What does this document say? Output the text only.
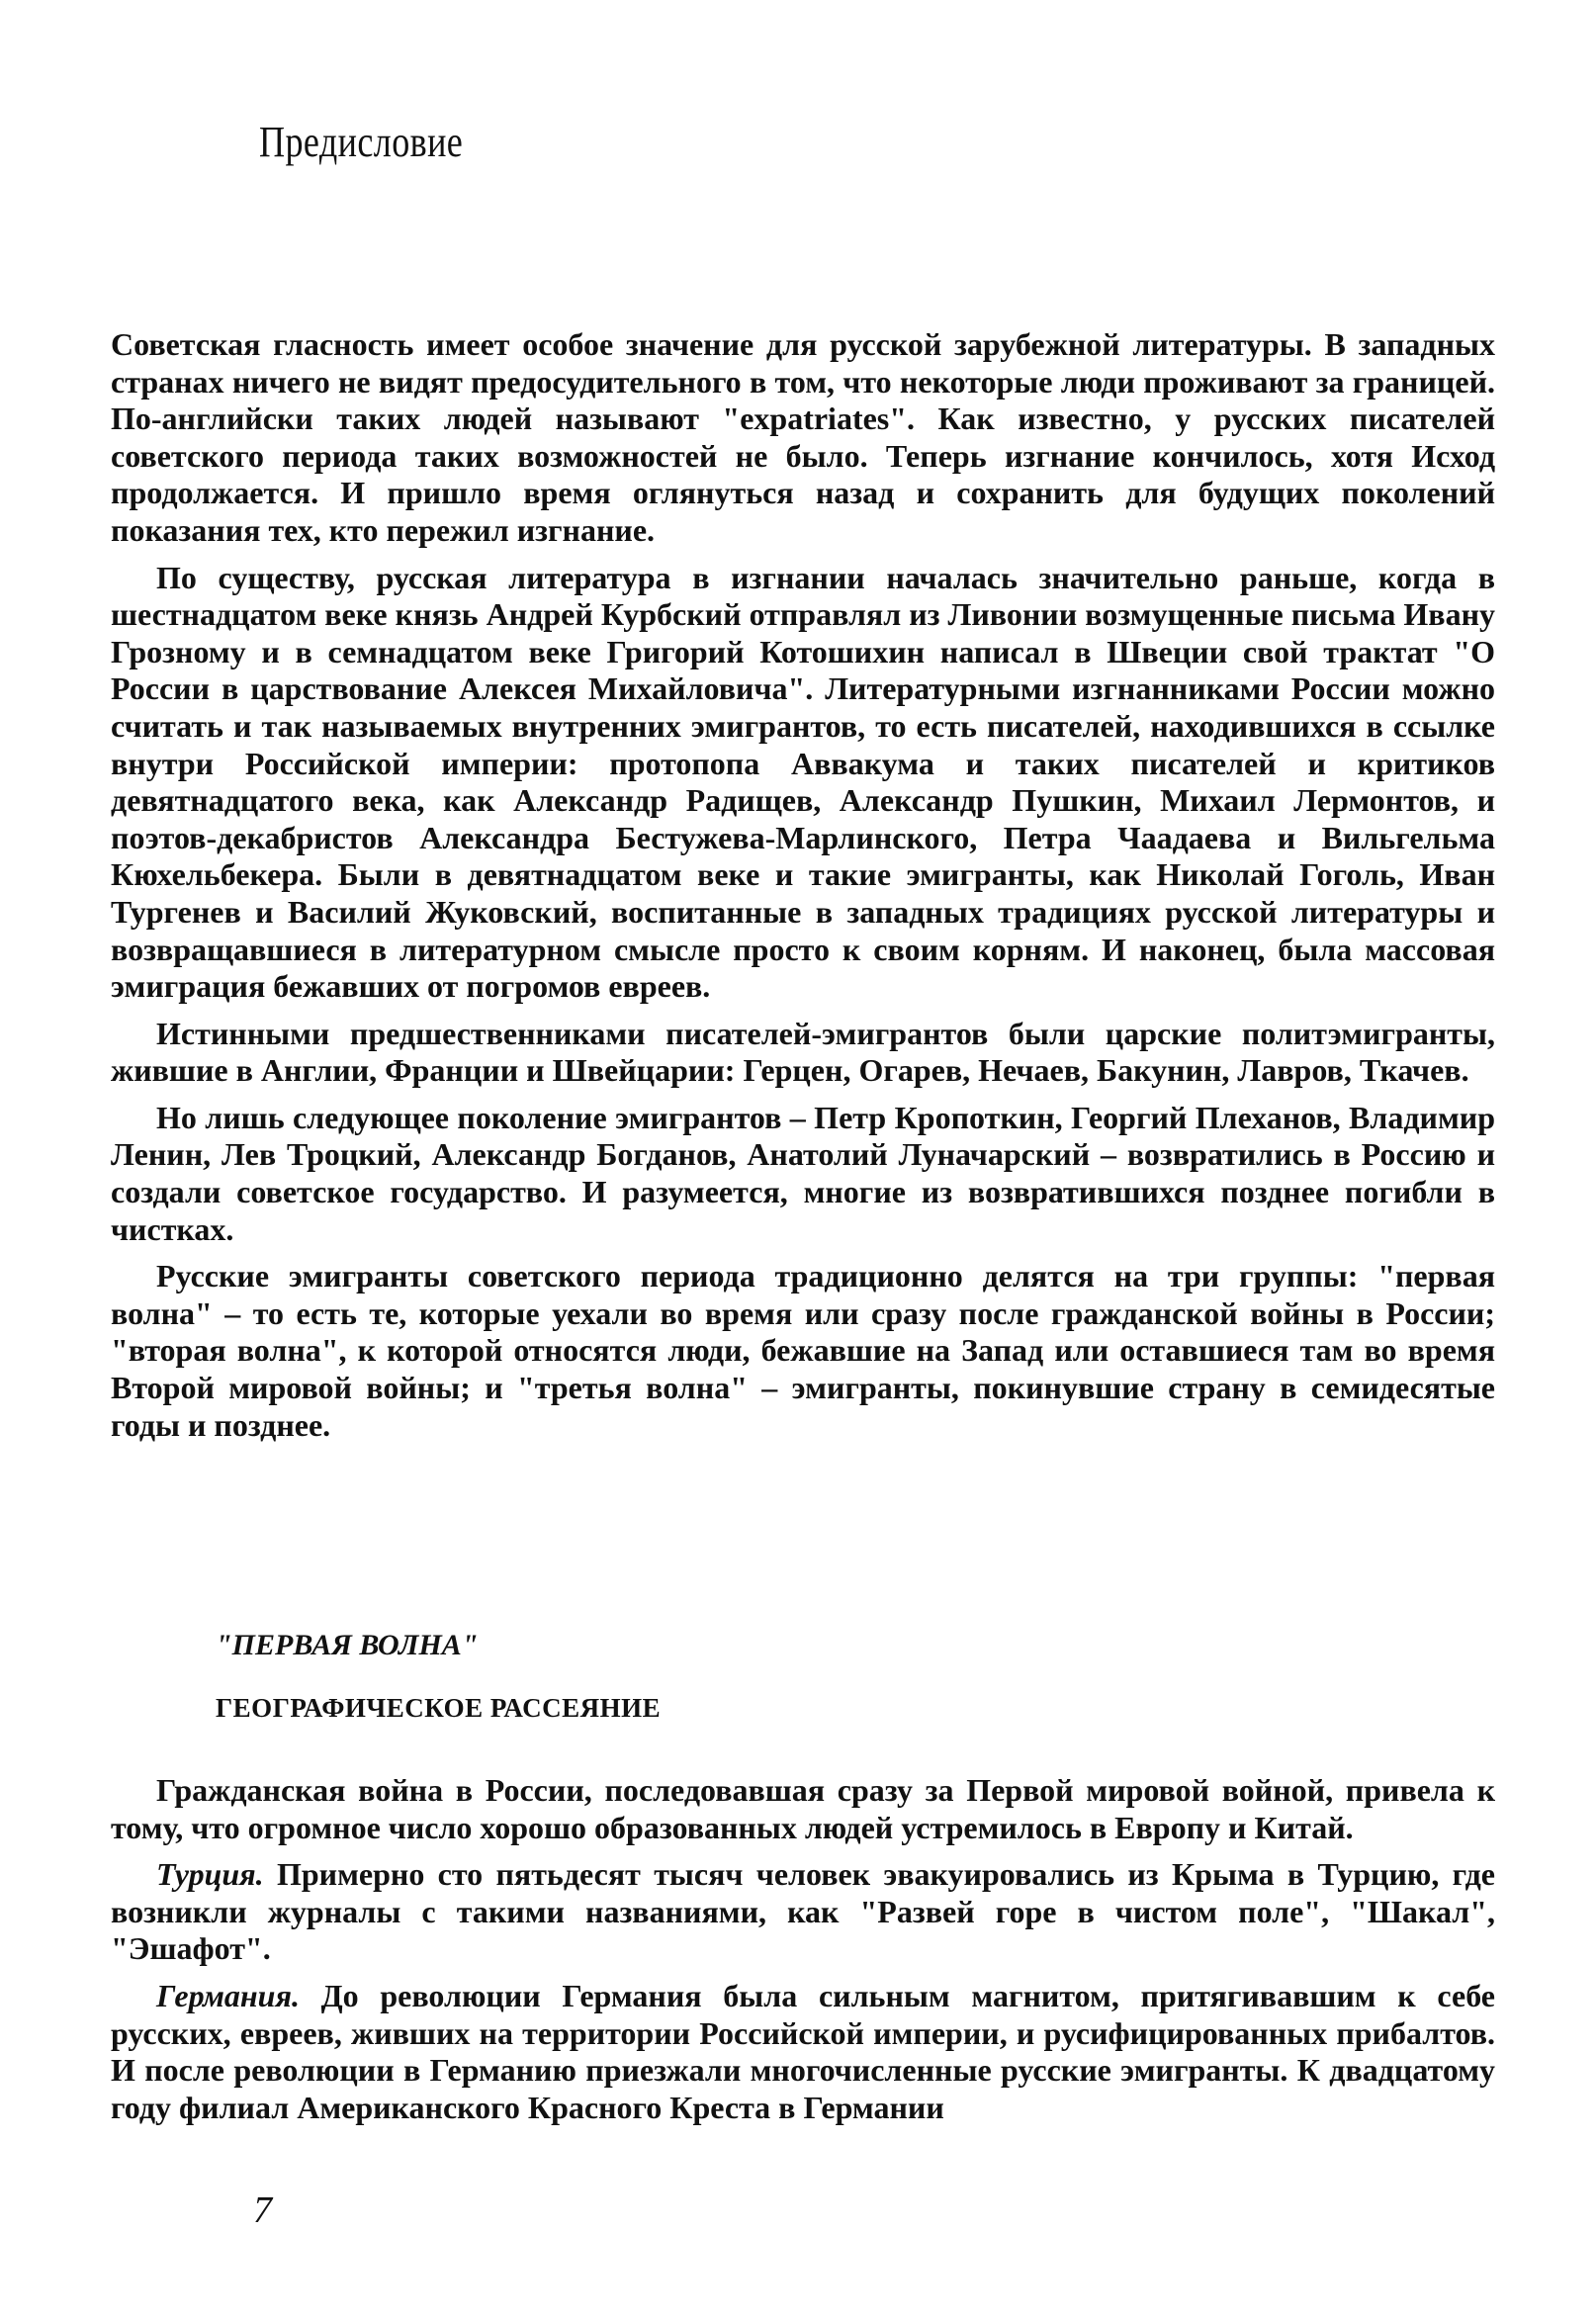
Предисловие

Советская гласность имеет особое значение для русской зарубежной литературы. В западных странах ничего не видят предосудительного в том, что некоторые люди проживают за границей. По-английски таких людей называют "expatriates". Как известно, у русских писателей советского периода таких возможностей не было. Теперь изгнание кончилось, хотя Исход продолжается. И пришло время оглянуться назад и сохранить для будущих поколений показания тех, кто пережил изгнание.

По существу, русская литература в изгнании началась значительно раньше, когда в шестнадцатом веке князь Андрей Курбский отправлял из Ливонии возмущенные письма Ивану Грозному и в семнадцатом веке Григорий Котошихин написал в Швеции свой трактат "О России в царствование Алексея Михайловича". Литературными изгнанниками России можно считать и так называемых внутренних эмигрантов, то есть писателей, находившихся в ссылке внутри Российской империи: протопопа Аввакума и таких писателей и критиков девятнадцатого века, как Александр Радищев, Александр Пушкин, Михаил Лермонтов, и поэтов-декабристов Александра Бестужева-Марлинского, Петра Чаадаева и Вильгельма Кюхельбекера. Были в девятнадцатом веке и такие эмигранты, как Николай Гоголь, Иван Тургенев и Василий Жуковский, воспитанные в западных традициях русской литературы и возвращавшиеся в литературном смысле просто к своим корням. И наконец, была массовая эмиграция бежавших от погромов евреев.

Истинными предшественниками писателей-эмигрантов были царские политэмигранты, жившие в Англии, Франции и Швейцарии: Герцен, Огарев, Нечаев, Бакунин, Лавров, Ткачев.

Но лишь следующее поколение эмигрантов – Петр Кропоткин, Георгий Плеханов, Владимир Ленин, Лев Троцкий, Александр Богданов, Анатолий Луначарский – возвратились в Россию и создали советское государство. И разумеется, многие из возвратившихся позднее погибли в чистках.

Русские эмигранты советского периода традиционно делятся на три группы: "первая волна" – то есть те, которые уехали во время или сразу после гражданской войны в России; "вторая волна", к которой относятся люди, бежавшие на Запад или оставшиеся там во время Второй мировой войны; и "третья волна" – эмигранты, покинувшие страну в семидесятые годы и позднее.

"ПЕРВАЯ ВОЛНА"
ГЕОГРАФИЧЕСКОЕ РАССЕЯНИЕ

Гражданская война в России, последовавшая сразу за Первой мировой войной, привела к тому, что огромное число хорошо образованных людей устремилось в Европу и Китай.

Турция. Примерно сто пятьдесят тысяч человек эвакуировались из Крыма в Турцию, где возникли журналы с такими названиями, как "Развей горе в чистом поле", "Шакал", "Эшафот".

Германия. До революции Германия была сильным магнитом, притягивавшим к себе русских, евреев, живших на территории Российской империи, и русифицированных прибалтов. И после революции в Германию приезжали многочисленные русские эмигранты. К двадцатому году филиал Американского Красного Креста в Германии

7
